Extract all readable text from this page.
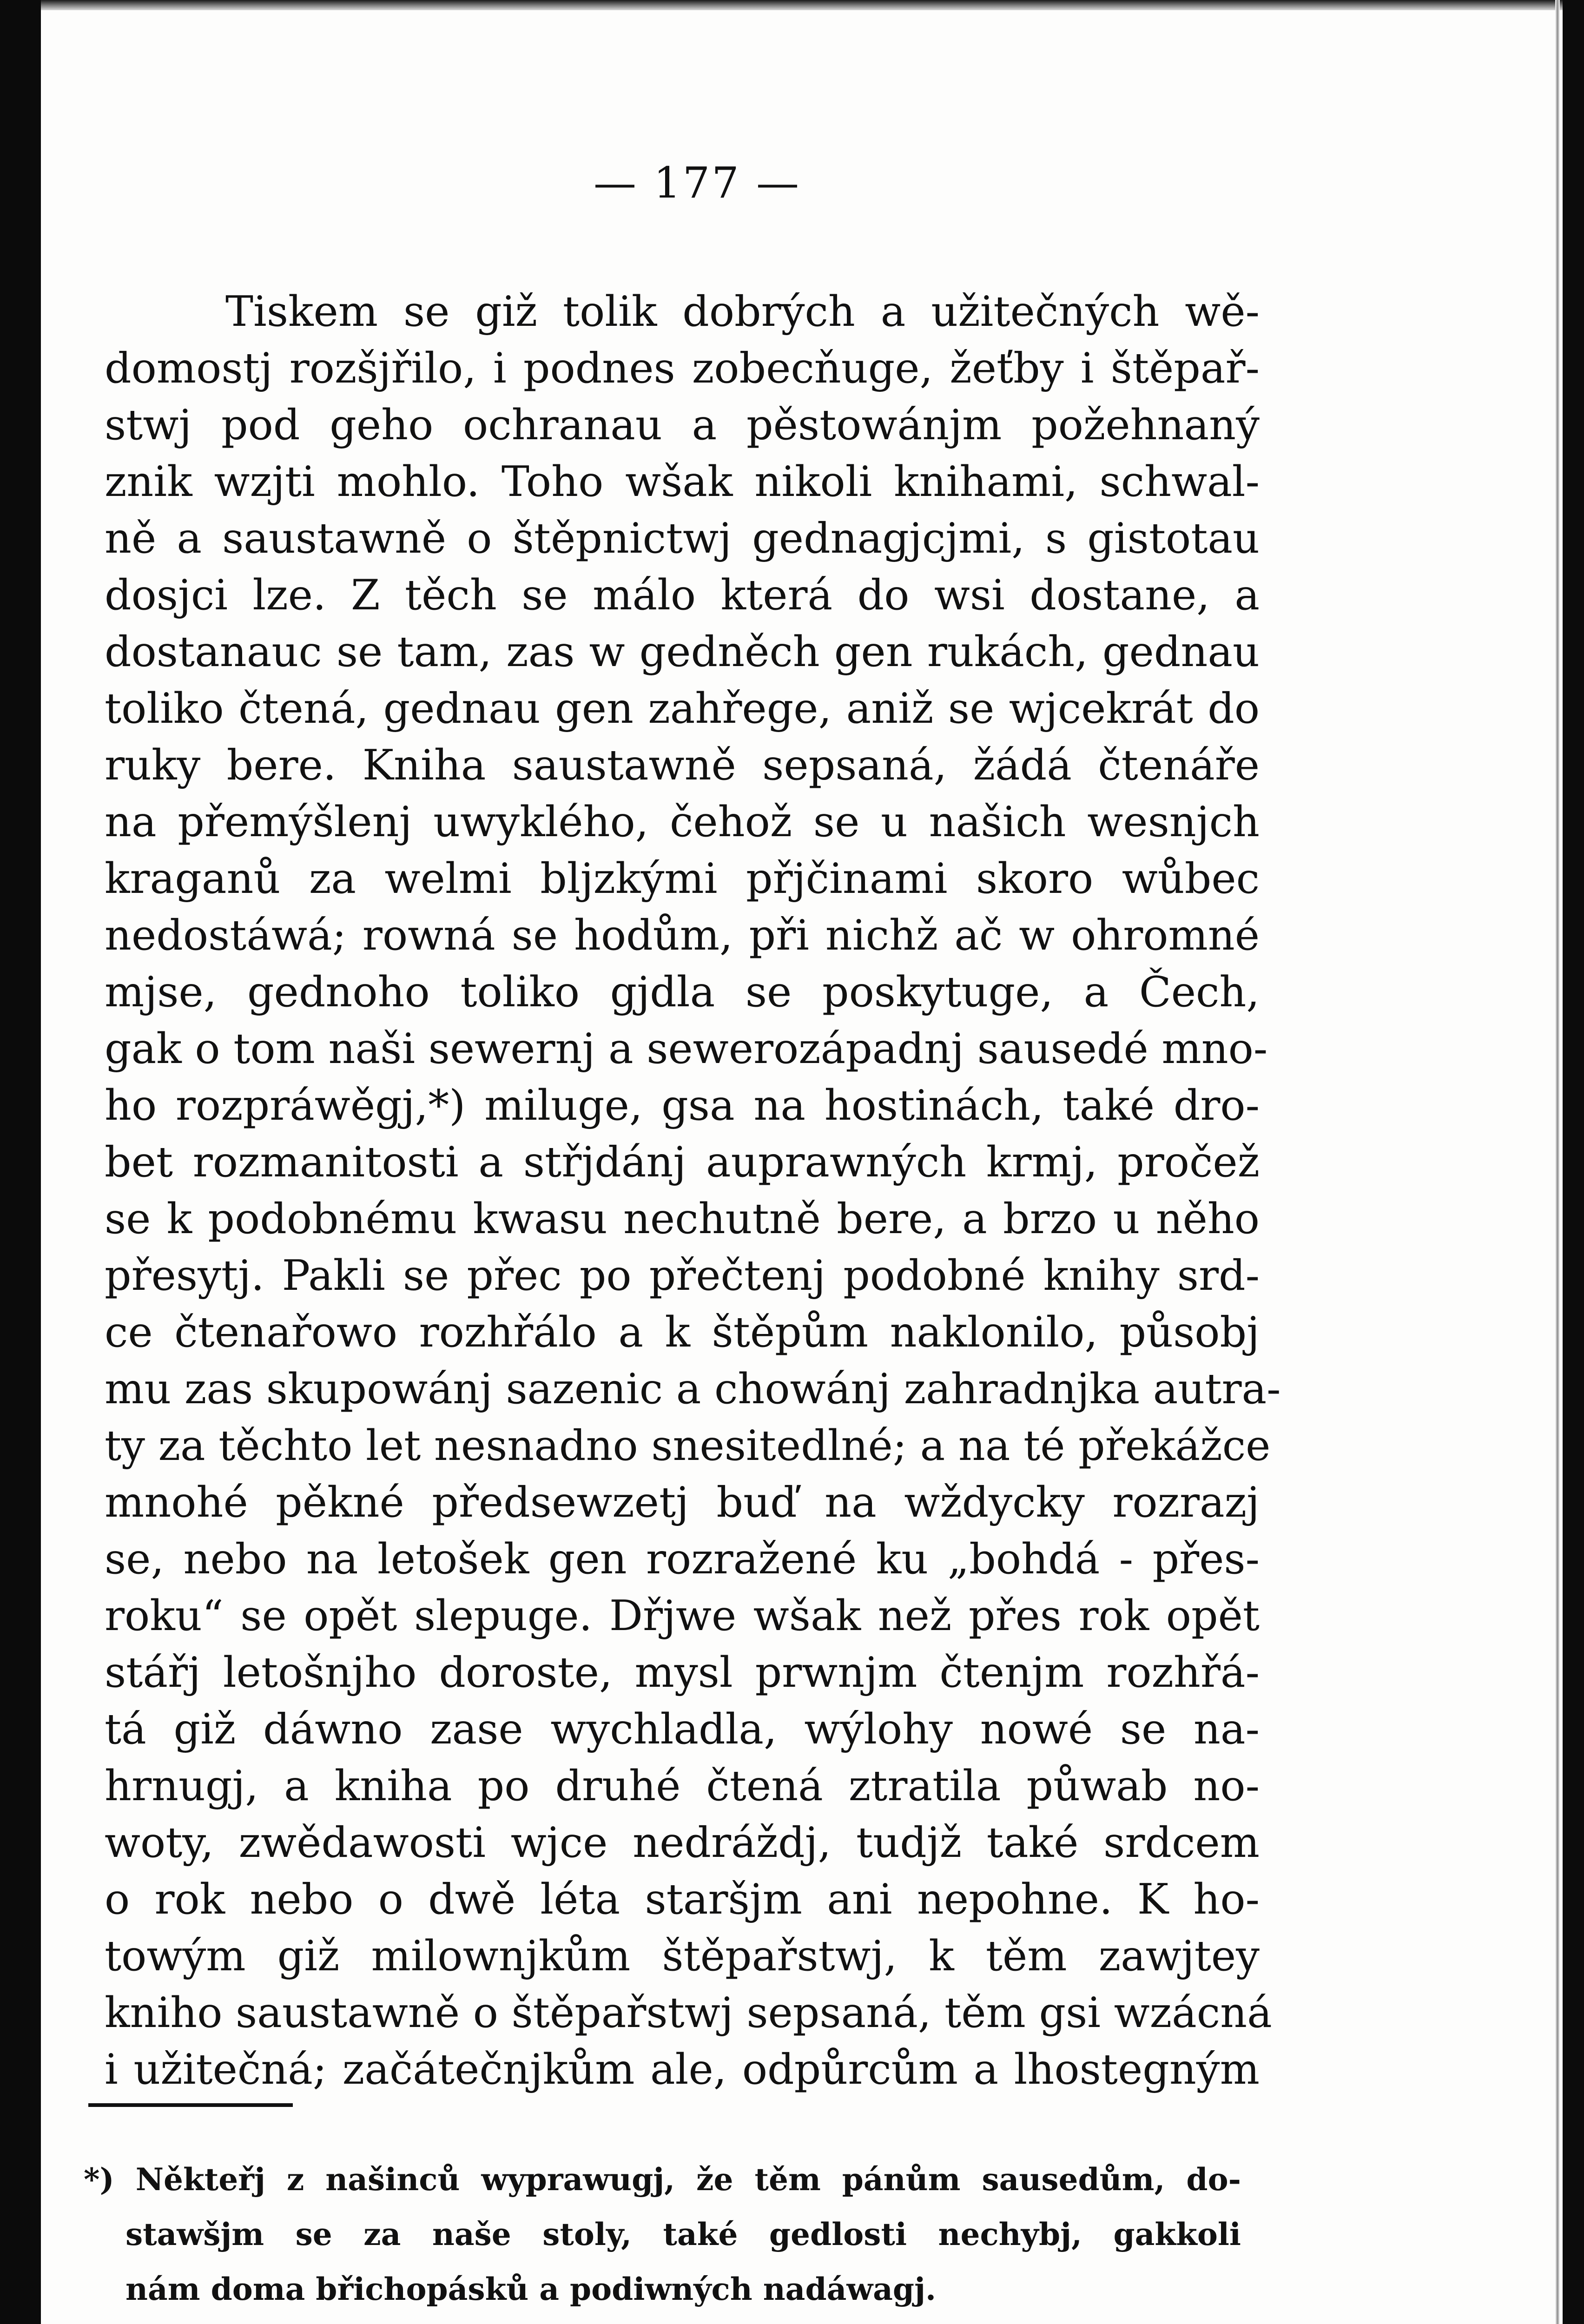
— 177 —
Tiskem se giž tolik dobrých a užitečných wě-
domostj rozšjřilo, i podnes zobecňuge, žeťby i štěpař-
stwj pod geho ochranau a pěstowánjm požehnaný
znik wzjti mohlo. Toho wšak nikoli knihami, schwal-
ně a saustawně o štěpnictwj gednagjcjmi, s gistotau
dosjci lze. Z těch se málo která do wsi dostane, a
dostanauc se tam, zas w gedněch gen rukách, gednau
toliko čtená, gednau gen zahřege, aniž se wjcekrát do
ruky bere. Kniha saustawně sepsaná, žádá čtenáře
na přemýšlenj uwyklého, čehož se u našich wesnjch
kraganů za welmi bljzkými přjčinami skoro wůbec
nedostáwá; rowná se hodům, při nichž ač w ohromné
mjse, gednoho toliko gjdla se poskytuge, a Čech,
gak o tom naši sewernj a sewerozápadnj sausedé mno-
ho rozpráwěgj,*) miluge, gsa na hostinách, také dro-
bet rozmanitosti a střjdánj auprawných krmj, pročež
se k podobnému kwasu nechutně bere, a brzo u něho
přesytj. Pakli se přec po přečtenj podobné knihy srd-
ce čtenařowo rozhřálo a k štěpům naklonilo, působj
mu zas skupowánj sazenic a chowánj zahradnjka autra-
ty za těchto let nesnadno snesitedlné; a na té překážce
mnohé pěkné předsewzetj buď na wždycky rozrazj
se, nebo na letošek gen rozražené ku „bohdá - přes-
roku“ se opět slepuge. Dřjwe wšak než přes rok opět
stářj letošnjho doroste, mysl prwnjm čtenjm rozhřá-
tá giž dáwno zase wychladla, wýlohy nowé se na-
hrnugj, a kniha po druhé čtená ztratila půwab no-
woty, zwědawosti wjce nedráždj, tudjž také srdcem
o rok nebo o dwě léta staršjm ani nepohne. K ho-
towým giž milownjkům štěpařstwj, k těm zawjtey
kniho saustawně o štěpařstwj sepsaná, těm gsi wzácná
i užitečná; začátečnjkům ale, odpůrcům a lhostegným
*) Někteřj z našinců wyprawugj, že těm pánům sausedům, do-
stawšjm se za naše stoly, také gedlosti nechybj, gakkoli
nám doma břichopásků a podiwných nadáwagj.
